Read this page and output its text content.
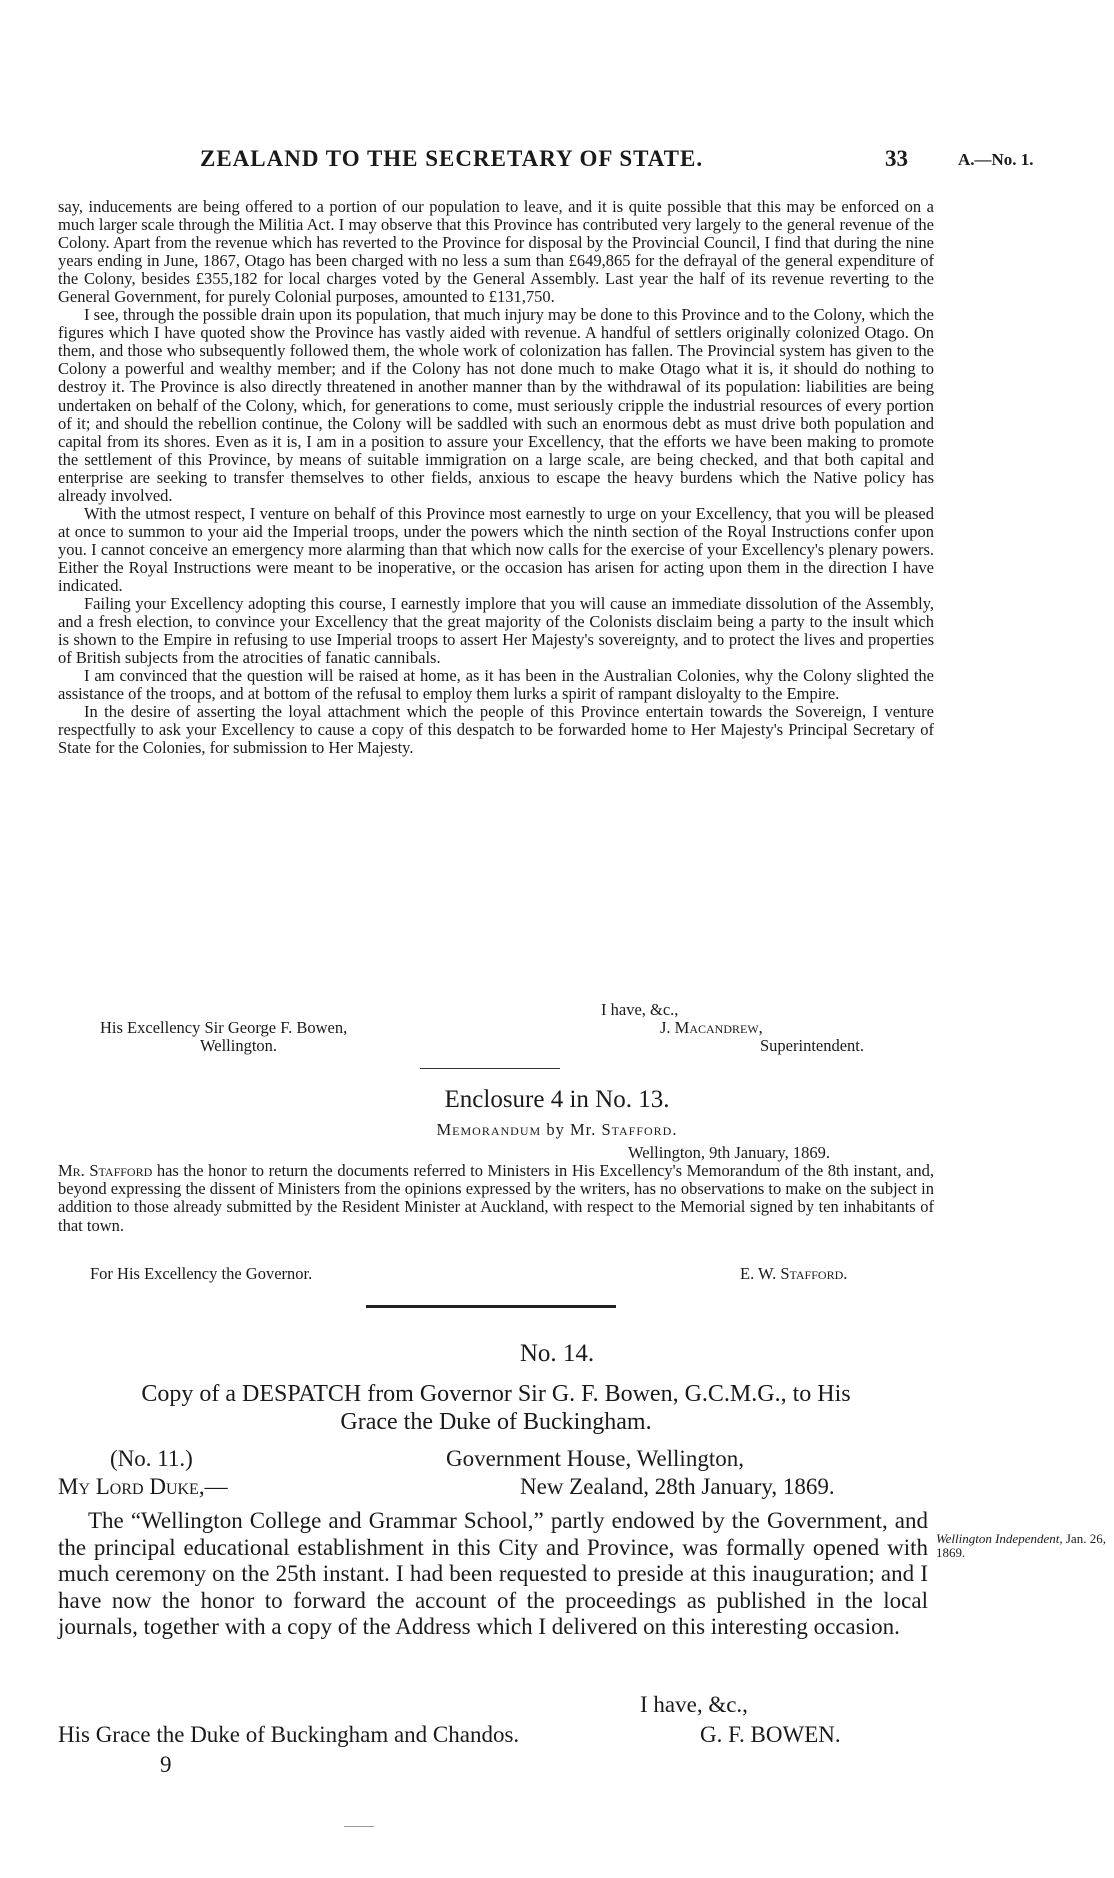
ZEALAND TO THE SECRETARY OF STATE.	33	A.—No. 1.

say, inducements are being offered to a portion of our population to leave, and it is quite possible that this may be enforced on a much larger scale through the Militia Act. I may observe that this Province has contributed very largely to the general revenue of the Colony. Apart from the revenue which has reverted to the Province for disposal by the Provincial Council, I find that during the nine years ending in June, 1867, Otago has been charged with no less a sum than £649,865 for the defrayal of the general expenditure of the Colony, besides £355,182 for local charges voted by the General Assembly. Last year the half of its revenue reverting to the General Government, for purely Colonial purposes, amounted to £131,750.

I see, through the possible drain upon its population, that much injury may be done to this Province and to the Colony, which the figures which I have quoted show the Province has vastly aided with revenue. A handful of settlers originally colonized Otago. On them, and those who subsequently followed them, the whole work of colonization has fallen. The Provincial system has given to the Colony a powerful and wealthy member; and if the Colony has not done much to make Otago what it is, it should do nothing to destroy it. The Province is also directly threatened in another manner than by the withdrawal of its population: liabilities are being undertaken on behalf of the Colony, which, for generations to come, must seriously cripple the industrial resources of every portion of it; and should the rebellion continue, the Colony will be saddled with such an enormous debt as must drive both population and capital from its shores. Even as it is, I am in a position to assure your Excellency, that the efforts we have been making to promote the settlement of this Province, by means of suitable immigration on a large scale, are being checked, and that both capital and enterprise are seeking to transfer themselves to other fields, anxious to escape the heavy burdens which the Native policy has already involved.

With the utmost respect, I venture on behalf of this Province most earnestly to urge on your Excellency, that you will be pleased at once to summon to your aid the Imperial troops, under the powers which the ninth section of the Royal Instructions confer upon you. I cannot conceive an emergency more alarming than that which now calls for the exercise of your Excellency's plenary powers. Either the Royal Instructions were meant to be inoperative, or the occasion has arisen for acting upon them in the direction I have indicated.

Failing your Excellency adopting this course, I earnestly implore that you will cause an immediate dissolution of the Assembly, and a fresh election, to convince your Excellency that the great majority of the Colonists disclaim being a party to the insult which is shown to the Empire in refusing to use Imperial troops to assert Her Majesty's sovereignty, and to protect the lives and properties of British subjects from the atrocities of fanatic cannibals.

I am convinced that the question will be raised at home, as it has been in the Australian Colonies, why the Colony slighted the assistance of the troops, and at bottom of the refusal to employ them lurks a spirit of rampant disloyalty to the Empire.

In the desire of asserting the loyal attachment which the people of this Province entertain towards the Sovereign, I venture respectfully to ask your Excellency to cause a copy of this despatch to be forwarded home to Her Majesty's Principal Secretary of State for the Colonies, for submission to Her Majesty.

I have, &c.,
His Excellency Sir George F. Bowen,	J. Macandrew,
Wellington.	Superintendent.
Enclosure 4 in No. 13.
Memorandum by Mr. Stafford.
Wellington, 9th January, 1869.

Mr. Stafford has the honor to return the documents referred to Ministers in His Excellency's Memorandum of the 8th instant, and, beyond expressing the dissent of Ministers from the opinions expressed by the writers, has no observations to make on the subject in addition to those already submitted by the Resident Minister at Auckland, with respect to the Memorial signed by ten inhabitants of that town.

For His Excellency the Governor.	E. W. Stafford.
No. 14.
Copy of a DESPATCH from Governor Sir G. F. Bowen, G.C.M.G., to His
Grace the Duke of Buckingham.
(No. 11.)	Government House, Wellington,
My Lord Duke,—	New Zealand, 28th January, 1869.

The “Wellington College and Grammar School,” partly endowed by the Government, and the principal educational establishment in this City and Province, was formally opened with much ceremony on the 25th instant. I had been requested to preside at this inauguration; and I have now the honor to forward the account of the proceedings as published in the local journals, together with a copy of the Address which I delivered on this interesting occasion.

Wellington Independent, Jan. 26, 1869.
I have, &c.,
His Grace the Duke of Buckingham and Chandos.	G. F. BOWEN.
9
